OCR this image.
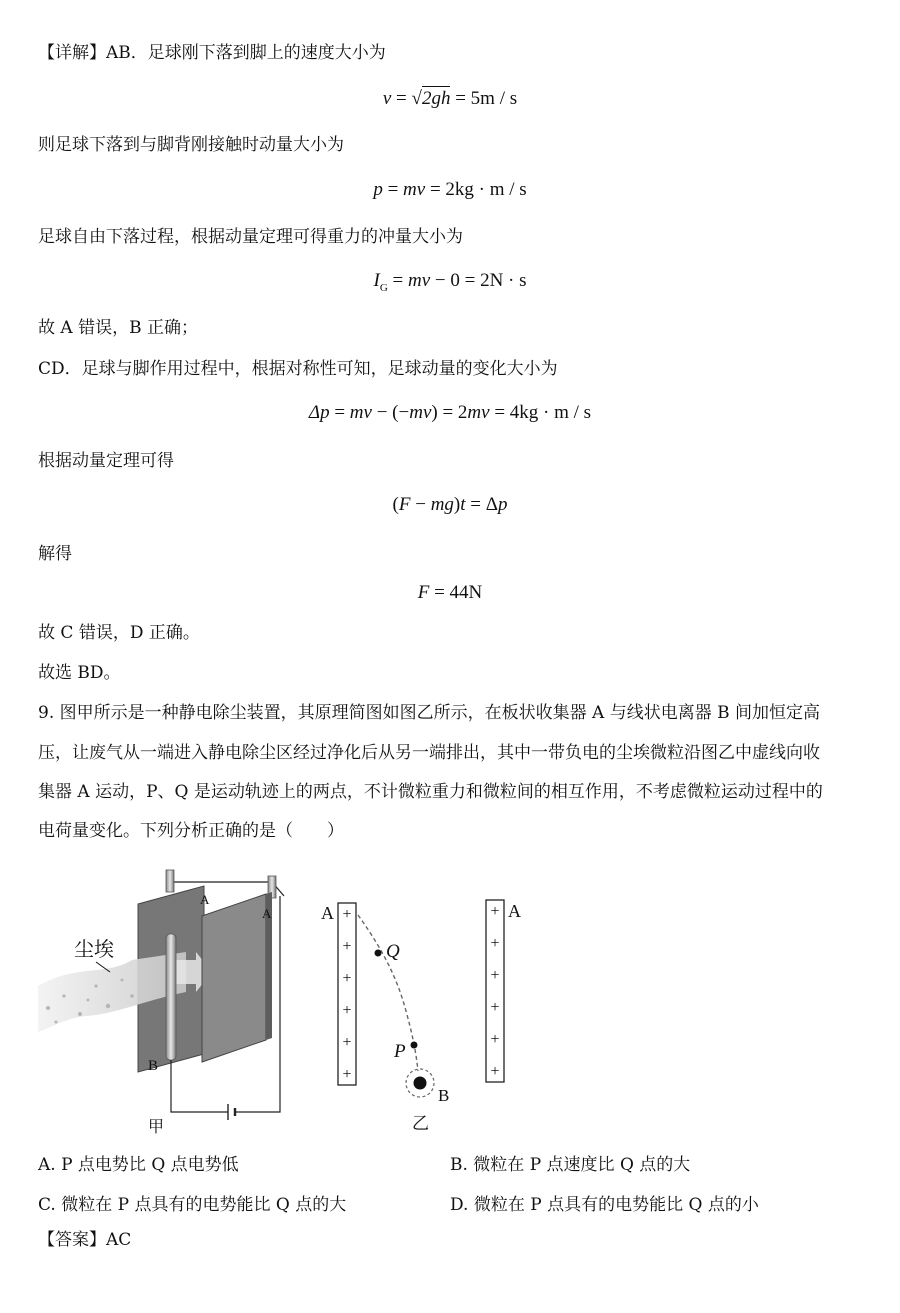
【详解】AB．足球刚下落到脚上的速度大小为
v = √2gh = 5m / s
则足球下落到与脚背刚接触时动量大小为
p = mv = 2kg · m / s
足球自由下落过程，根据动量定理可得重力的冲量大小为
$I_G$ = mv − 0 = 2N · s
故 A 错误，B 正确；
CD．足球与脚作用过程中，根据对称性可知，足球动量的变化大小为
Δp = mv − (−mv) = 2mv = 4kg · m / s
根据动量定理可得
(F − mg)t = Δp
解得
F = 44N
故 C 错误，D 正确。
故选 BD。
9. 图甲所示是一种静电除尘装置，其原理简图如图乙所示，在板状收集器 A 与线状电离器 B 间加恒定高
压，让废气从一端进入静电除尘区经过净化后从另一端排出，其中一带负电的尘埃微粒沿图乙中虚线向收
集器 A 运动，P、Q 是运动轨迹上的两点，不计微粒重力和微粒间的相互作用，不考虑微粒运动过程中的
电荷量变化。下列分析正确的是（　　）
尘埃
A
A
B
甲
+
+
+
+
+
+
A
Q
P
B
乙
+
+
+
+
+
+
A
A. P 点电势比 Q 点电势低	B. 微粒在 P 点速度比 Q 点的大
C. 微粒在 P 点具有的电势能比 Q 点的大	D. 微粒在 P 点具有的电势能比 Q 点的小
【答案】AC
